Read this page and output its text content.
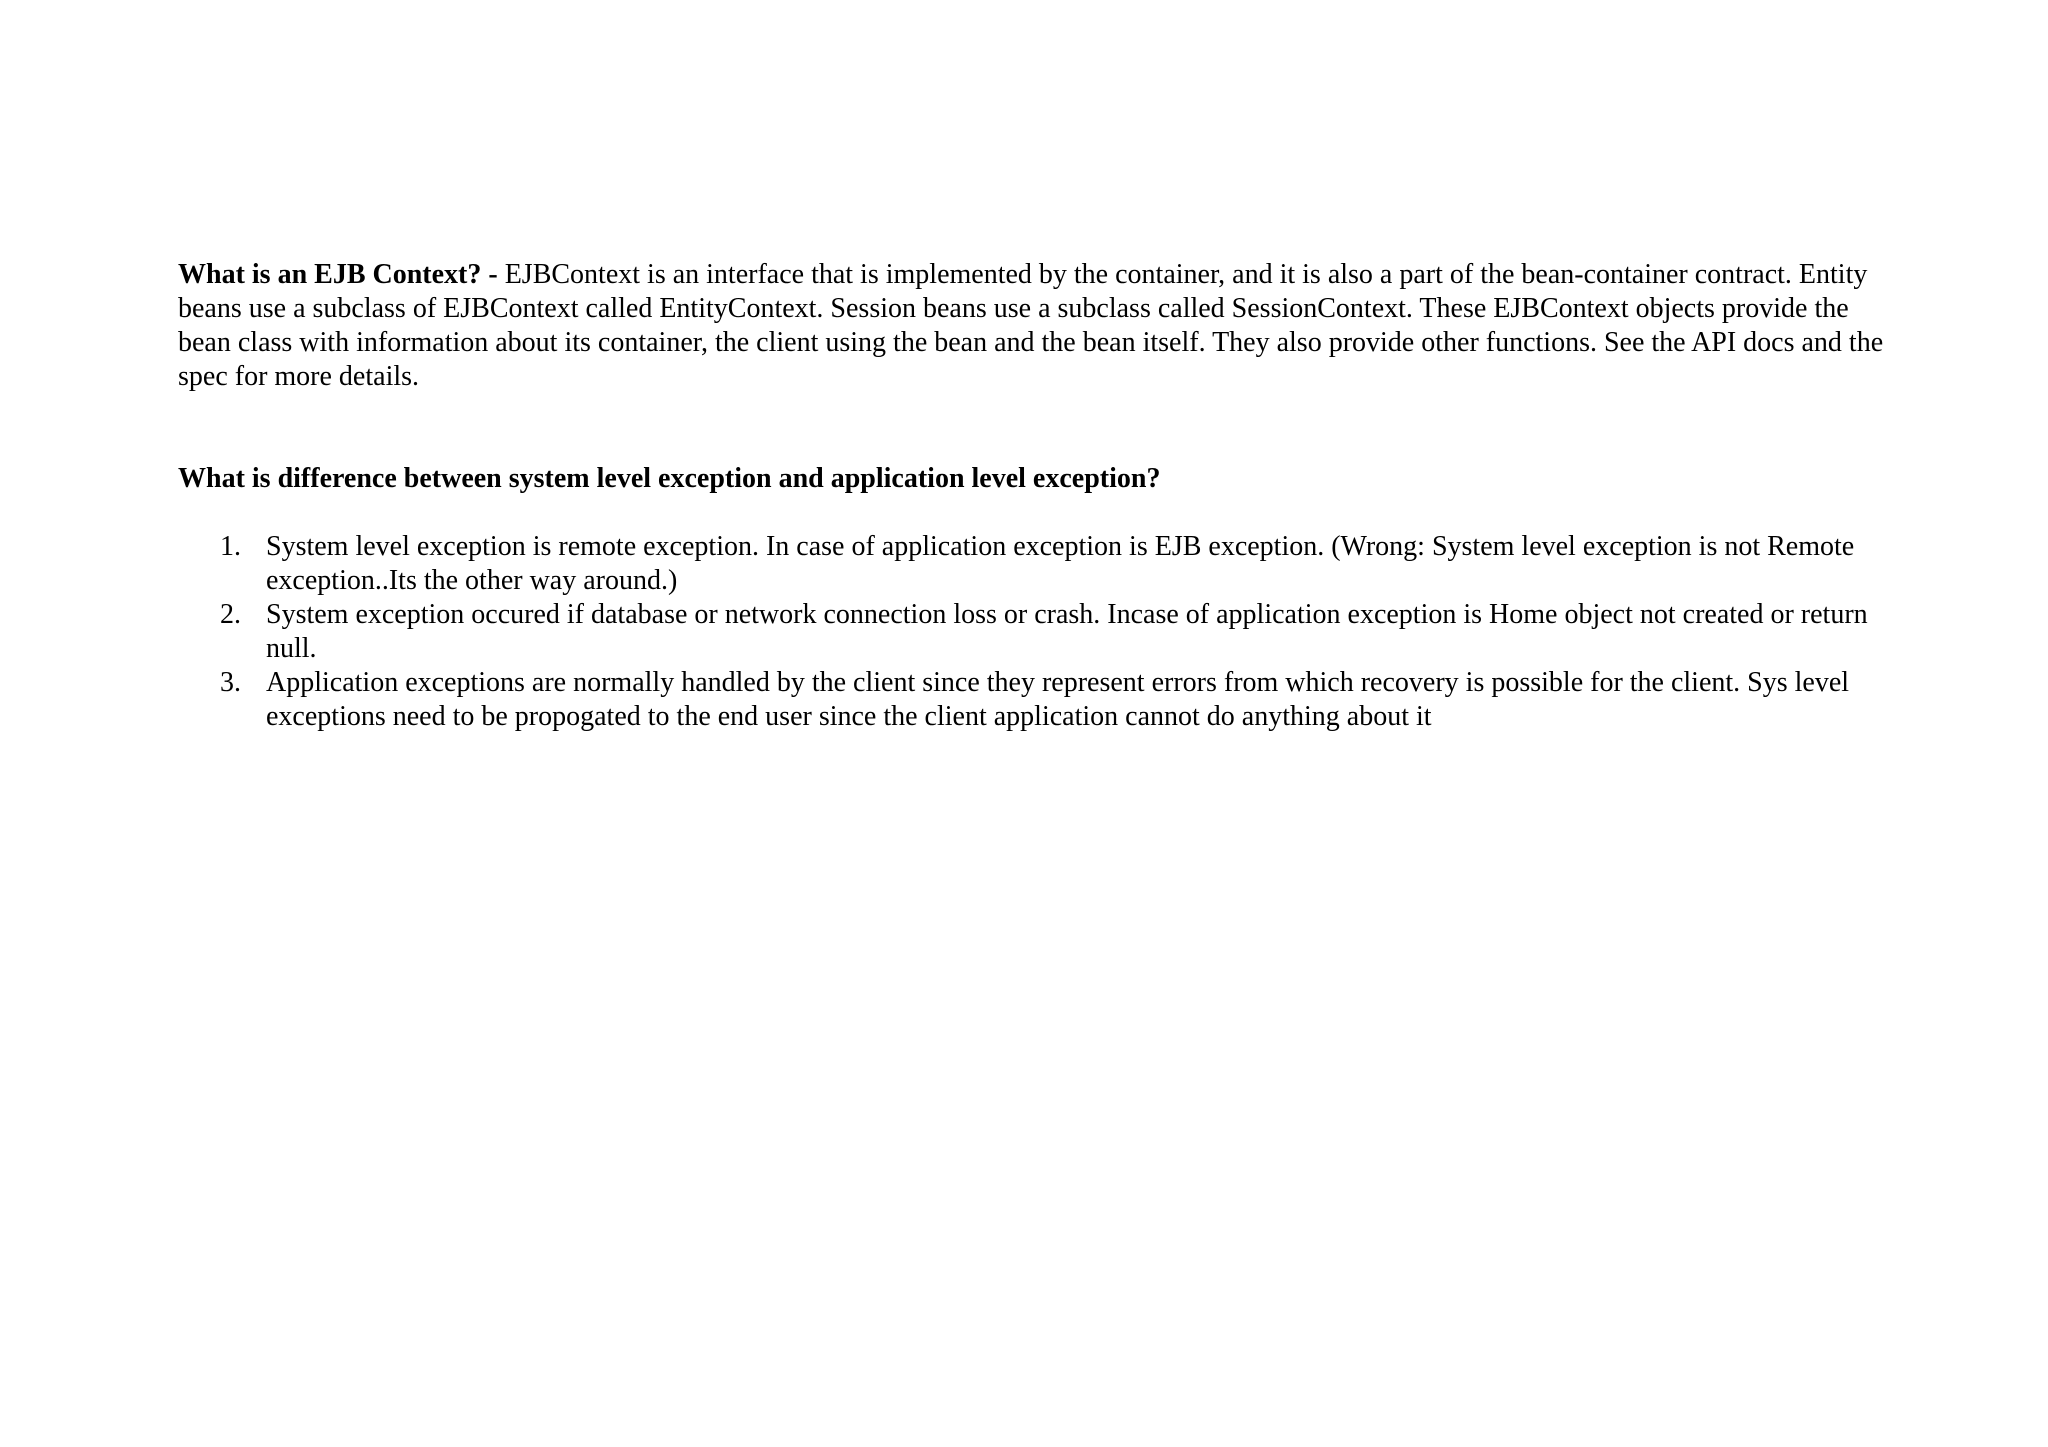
What is an EJB Context? - EJBContext is an interface that is implemented by the container, and it is also a part of the bean-container contract. Entity beans use a subclass of EJBContext called EntityContext. Session beans use a subclass called SessionContext. These EJBContext objects provide the bean class with information about its container, the client using the bean and the bean itself. They also provide other functions. See the API docs and the spec for more details.

What is difference between system level exception and application level exception?

1. System level exception is remote exception. In case of application exception is EJB exception. (Wrong: System level exception is not Remote exception..Its the other way around.)
2. System exception occured if database or network connection loss or crash. Incase of application exception is Home object not created or return null.
3. Application exceptions are normally handled by the client since they represent errors from which recovery is possible for the client. Sys level exceptions need to be propogated to the end user since the client application cannot do anything about it
